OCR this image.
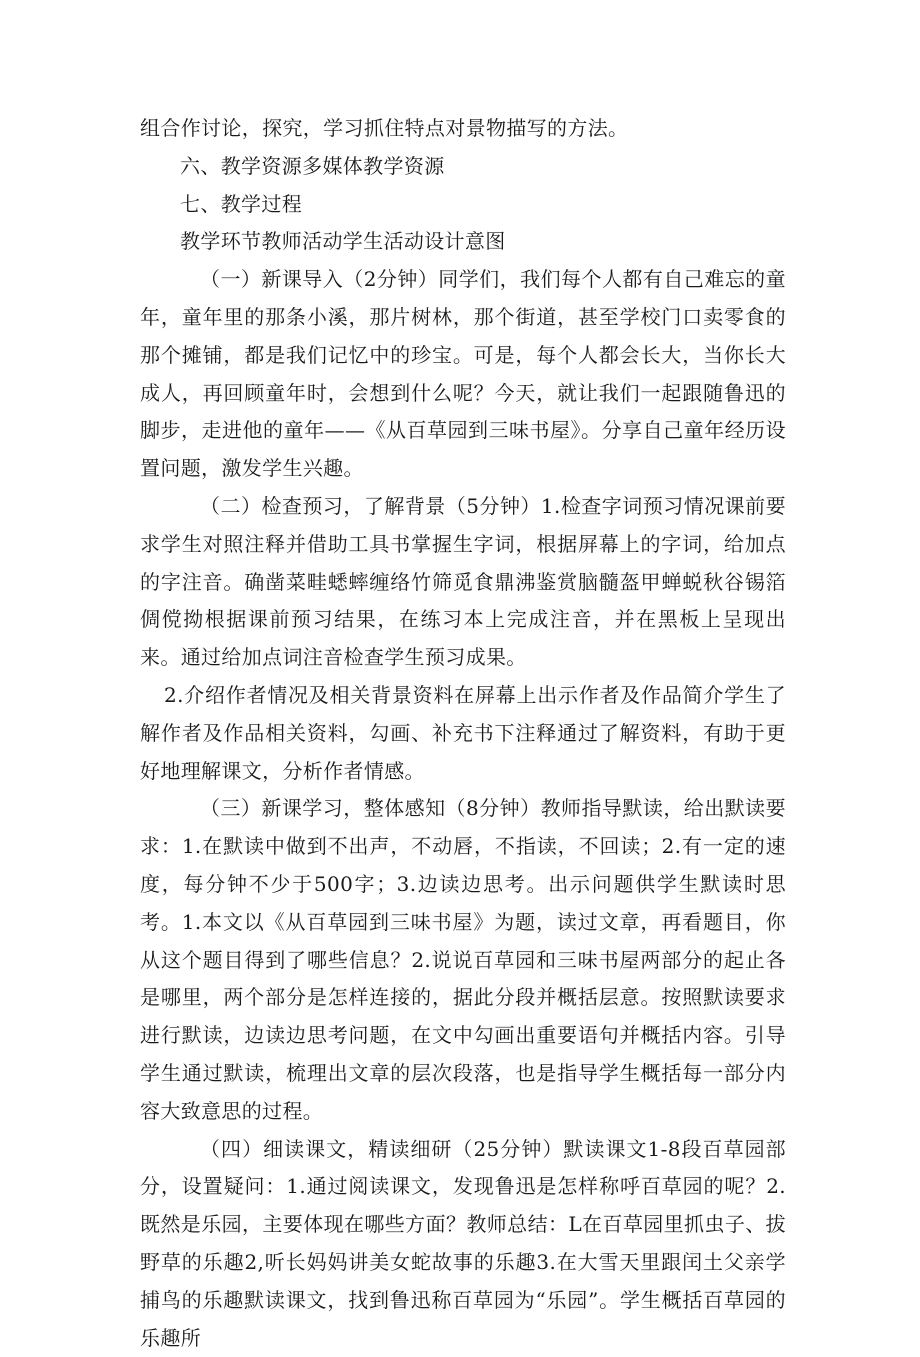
组合作讨论，探究，学习抓住特点对景物描写的方法。

六、教学资源多媒体教学资源

七、教学过程

教学环节教师活动学生活动设计意图

（一）新课导入（2分钟）同学们，我们每个人都有自己难忘的童年，童年里的那条小溪，那片树林，那个街道，甚至学校门口卖零食的那个摊铺，都是我们记忆中的珍宝。可是，每个人都会长大，当你长大成人，再回顾童年时，会想到什么呢？今天，就让我们一起跟随鲁迅的脚步，走进他的童年——《从百草园到三味书屋》。分享自己童年经历设置问题，激发学生兴趣。

（二）检查预习，了解背景（5分钟）1.检查字词预习情况课前要求学生对照注释并借助工具书掌握生字词，根据屏幕上的字词，给加点的字注音。确凿菜畦蟋蟀缠络竹筛觅食鼎沸鉴赏脑髓盔甲蝉蜕秋谷锡箔倜傥拗根据课前预习结果，在练习本上完成注音，并在黑板上呈现出来。通过给加点词注音检查学生预习成果。

2.介绍作者情况及相关背景资料在屏幕上出示作者及作品简介学生了解作者及作品相关资料，勾画、补充书下注释通过了解资料，有助于更好地理解课文，分析作者情感。

（三）新课学习，整体感知（8分钟）教师指导默读，给出默读要求：1.在默读中做到不出声，不动唇，不指读，不回读；2.有一定的速度，每分钟不少于500字；3.边读边思考。出示问题供学生默读时思考。1.本文以《从百草园到三味书屋》为题，读过文章，再看题目，你从这个题目得到了哪些信息？2.说说百草园和三味书屋两部分的起止各是哪里，两个部分是怎样连接的，据此分段并概括层意。按照默读要求进行默读，边读边思考问题，在文中勾画出重要语句并概括内容。引导学生通过默读，梳理出文章的层次段落，也是指导学生概括每一部分内容大致意思的过程。

（四）细读课文，精读细研（25分钟）默读课文1-8段百草园部分，设置疑问：1.通过阅读课文，发现鲁迅是怎样称呼百草园的呢？2.既然是乐园，主要体现在哪些方面？教师总结：L在百草园里抓虫子、拔野草的乐趣2,听长妈妈讲美女蛇故事的乐趣3.在大雪天里跟闰土父亲学捕鸟的乐趣默读课文，找到鲁迅称百草园为“乐园”。学生概括百草园的乐趣所
